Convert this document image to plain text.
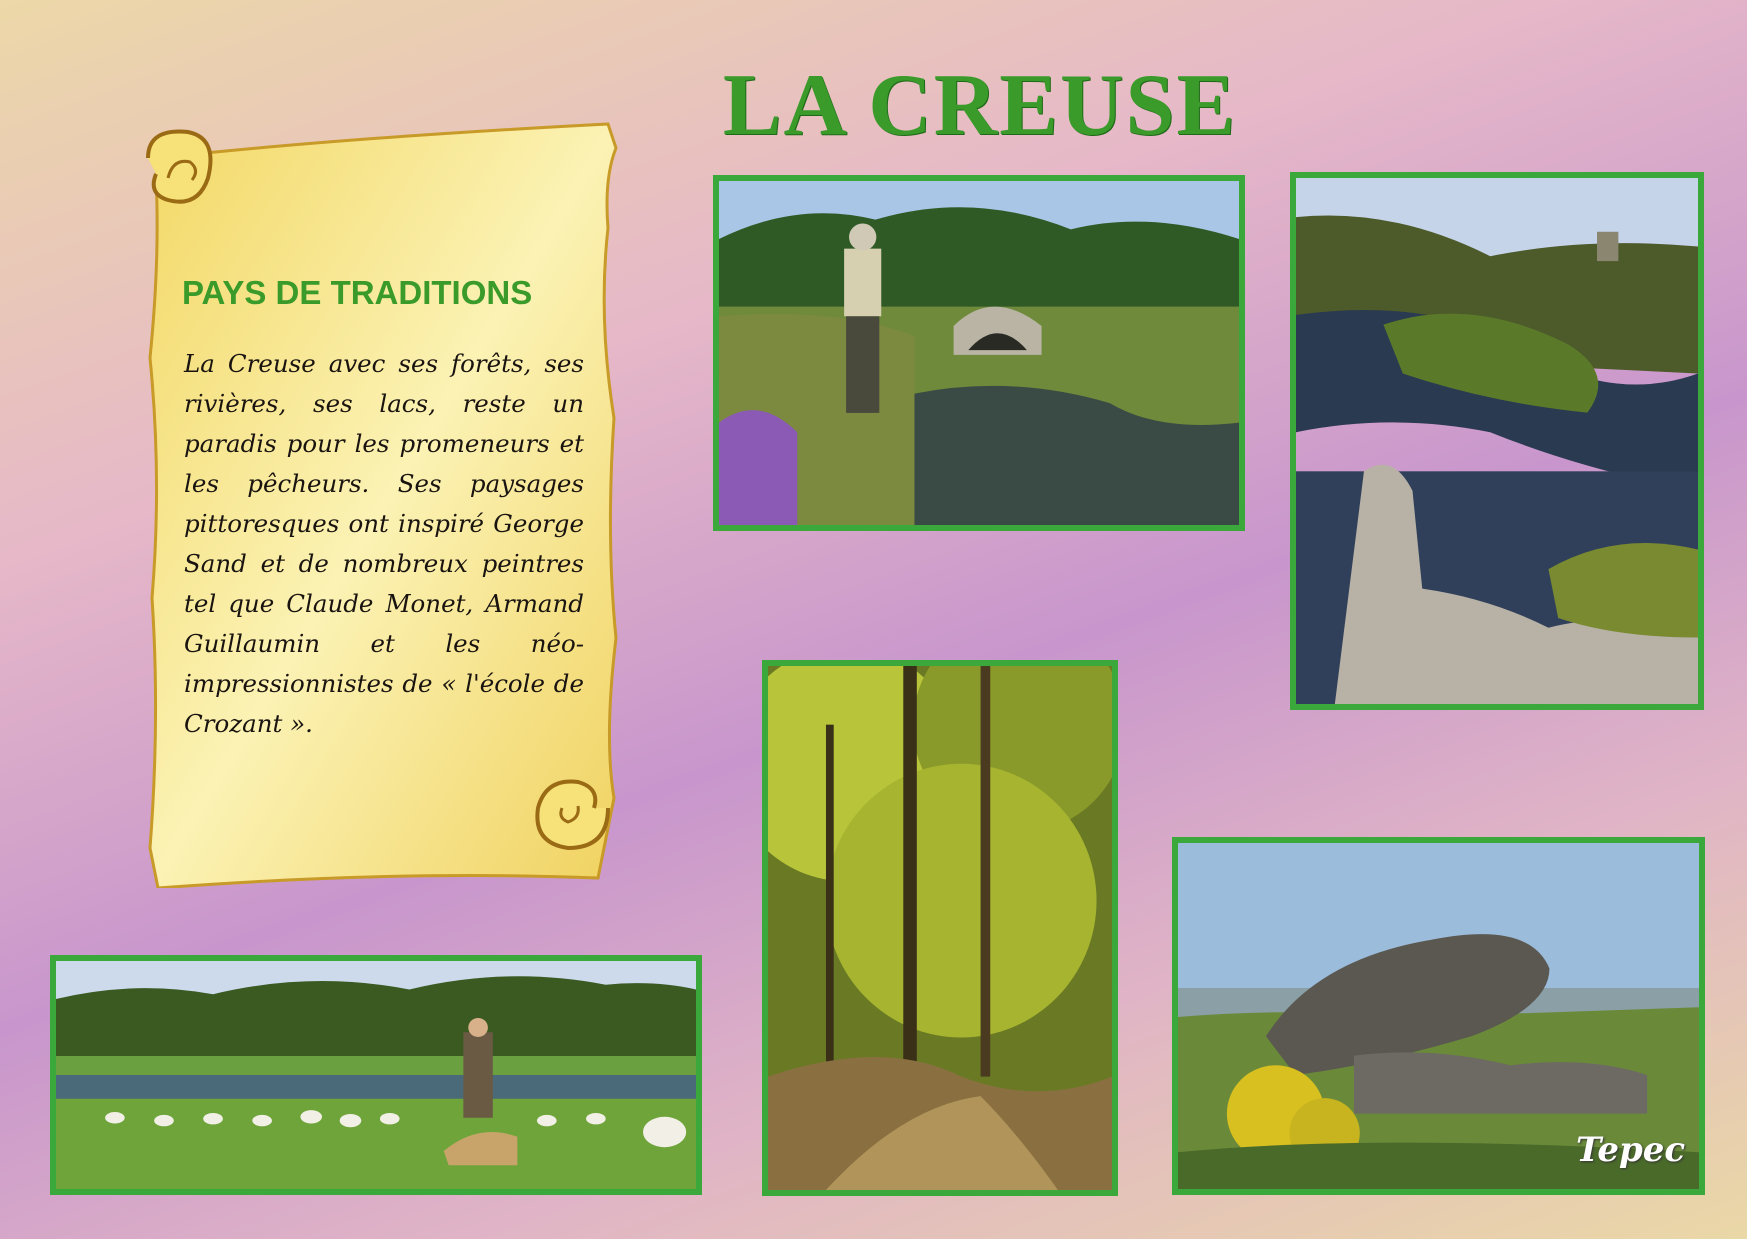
LA CREUSE
PAYS DE TRADITIONS

La Creuse avec ses forêts, ses rivières, ses lacs, reste un paradis pour les promeneurs et les pêcheurs. Ses paysages pittoresques ont inspiré George Sand et de nombreux peintres tel que Claude Monet, Armand Guillaumin et les néo-impressionnistes de « l'école de Crozant ».

Tepec
